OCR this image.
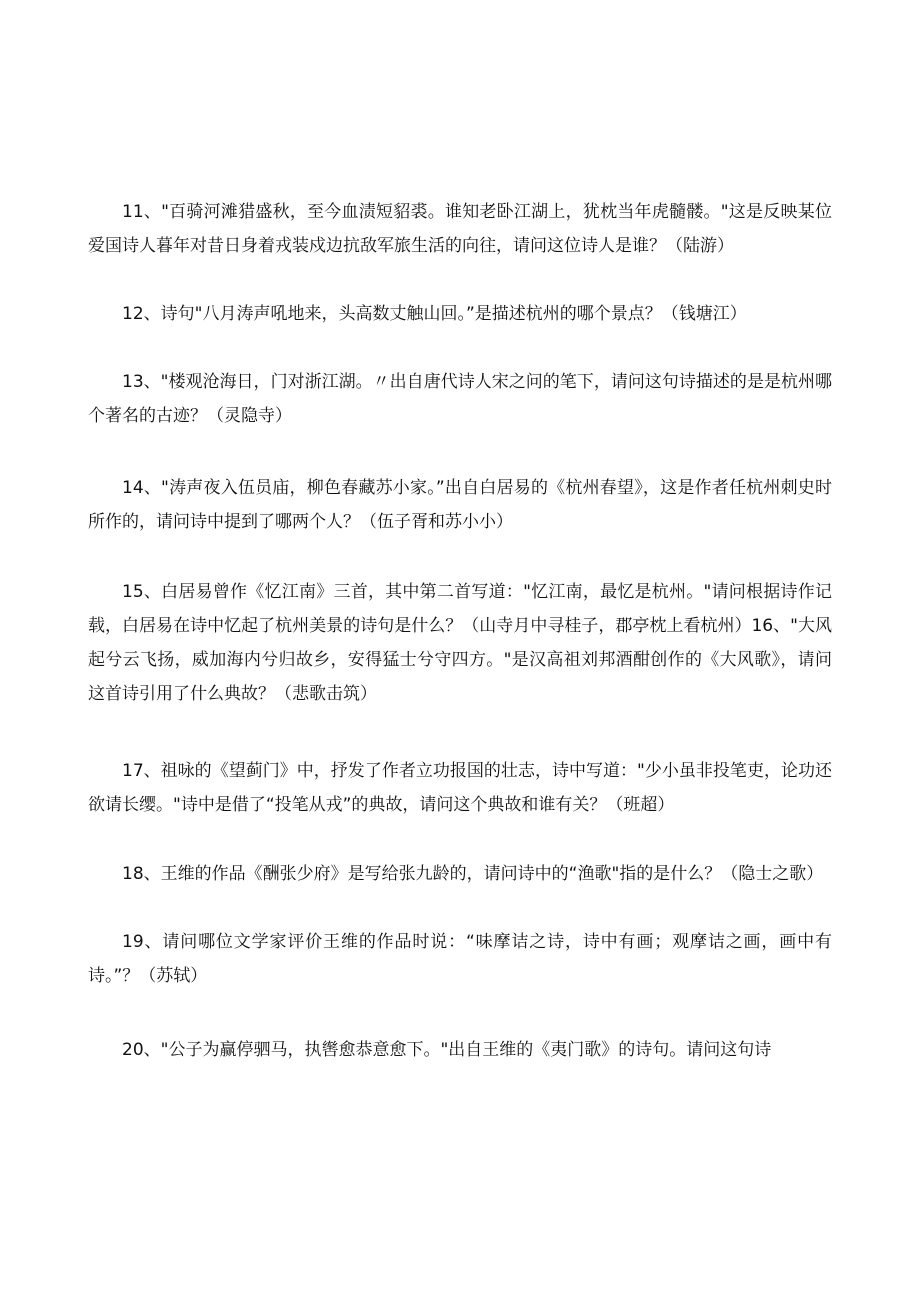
11、"百骑河滩猎盛秋，至今血渍短貂裘。谁知老卧江湖上，犹枕当年虎髓髅。"这是反映某位爱国诗人暮年对昔日身着戎装戍边抗敌军旅生活的向往，请问这位诗人是谁？（陆游）

12、诗句"八月涛声吼地来，头高数丈触山回。”是描述杭州的哪个景点？（钱塘江）

13、"楼观沧海日，门对浙江湖。〃出自唐代诗人宋之问的笔下，请问这句诗描述的是是杭州哪个著名的古迹？（灵隐寺）

14、"涛声夜入伍员庙，柳色春藏苏小家。”出自白居易的《杭州春望》，这是作者任杭州刺史时所作的，请问诗中提到了哪两个人？（伍子胥和苏小小）

15、白居易曾作《忆江南》三首，其中第二首写道："忆江南，最忆是杭州。"请问根据诗作记载，白居易在诗中忆起了杭州美景的诗句是什么？（山寺月中寻桂子，郡亭枕上看杭州）16、"大风起兮云飞扬，威加海内兮归故乡，安得猛士兮守四方。"是汉高祖刘邦酒酣创作的《大风歌》，请问这首诗引用了什么典故？（悲歌击筑）

17、祖咏的《望蓟门》中，抒发了作者立功报国的壮志，诗中写道："少小虽非投笔吏，论功还欲请长缨。"诗中是借了“投笔从戎”的典故，请问这个典故和谁有关？（班超）

18、王维的作品《酬张少府》是写给张九龄的，请问诗中的“渔歌"指的是什么？（隐士之歌）

19、请问哪位文学家评价王维的作品时说：“味摩诘之诗，诗中有画；观摩诘之画，画中有诗。”？（苏轼）

20、"公子为赢停驷马，执辔愈恭意愈下。"出自王维的《夷门歌》的诗句。请问这句诗
